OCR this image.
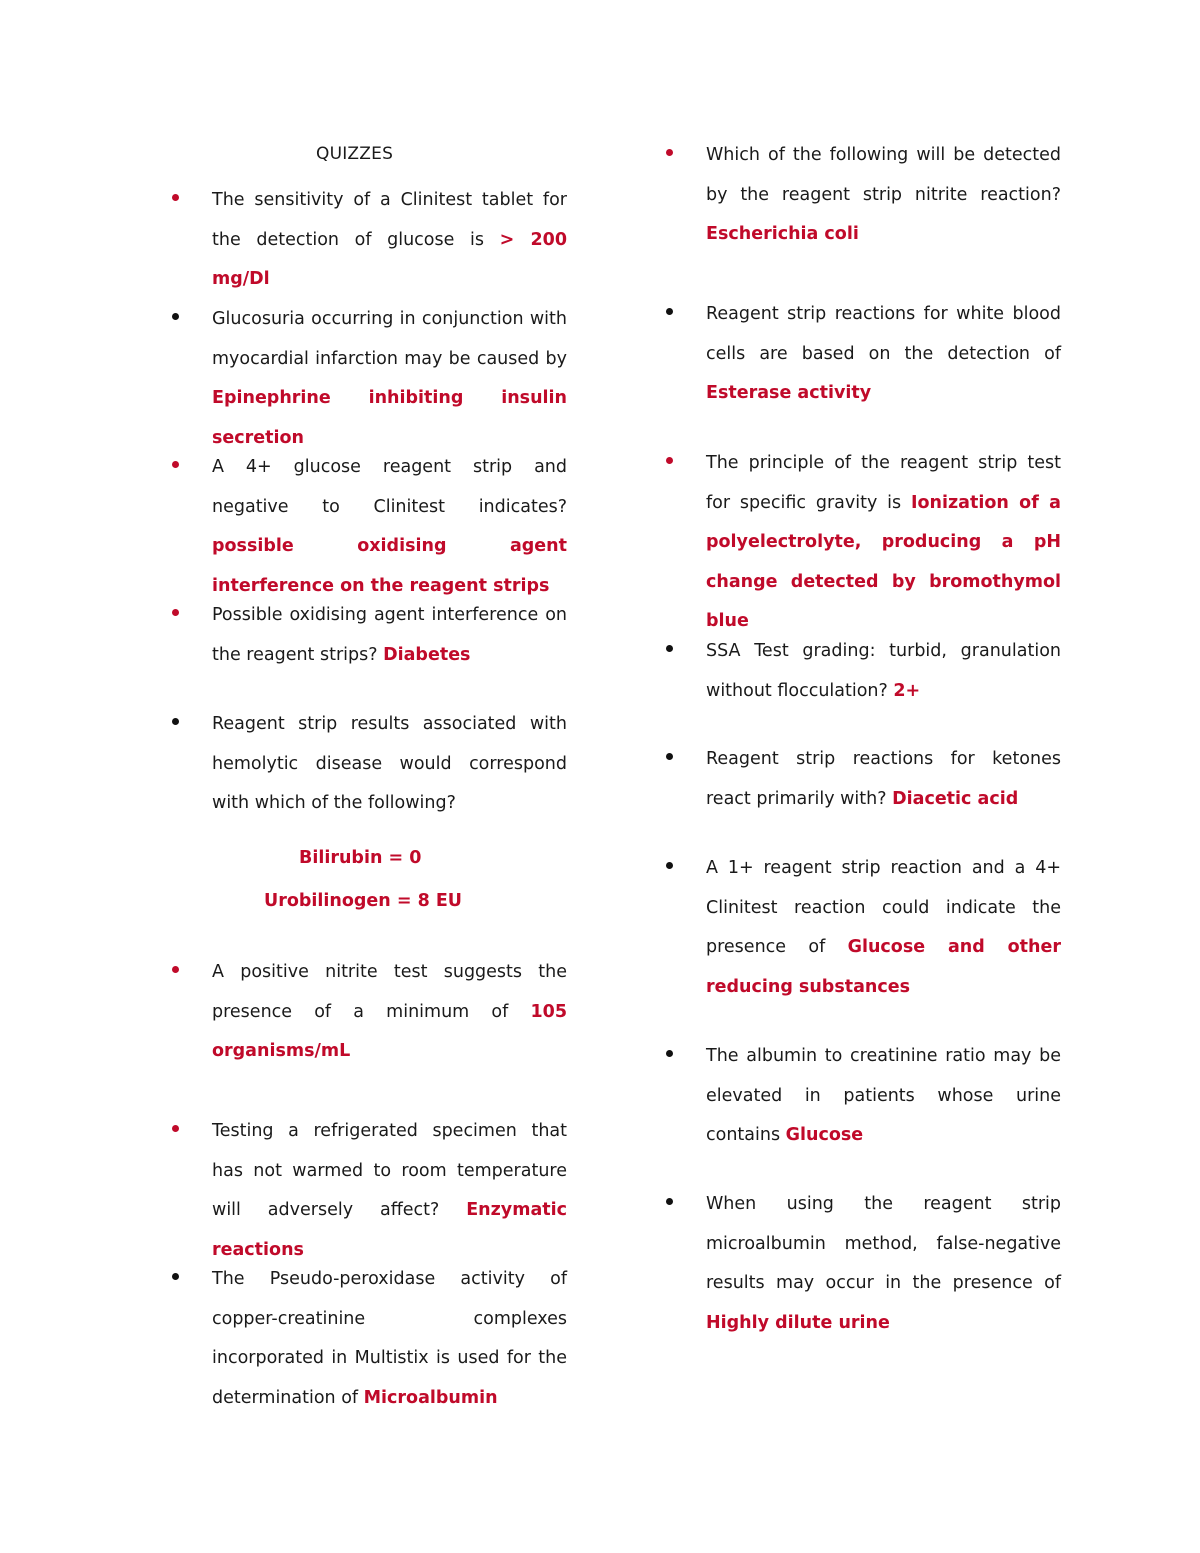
QUIZZES
The sensitivity of a Clinitest tablet for the detection of glucose is > 200 mg/Dl
Glucosuria occurring in conjunction with myocardial infarction may be caused by Epinephrine inhibiting insulin secretion
A 4+ glucose reagent strip and negative to Clinitest indicates? possible oxidising agent interference on the reagent strips
Possible oxidising agent interference on the reagent strips? Diabetes
Reagent strip results associated with hemolytic disease would correspond with which of the following?
Bilirubin = 0
Urobilinogen = 8 EU
A positive nitrite test suggests the presence of a minimum of 105 organisms/mL
Testing a refrigerated specimen that has not warmed to room temperature will adversely affect? Enzymatic reactions
The Pseudo-peroxidase activity of copper-creatinine complexes incorporated in Multistix is used for the determination of Microalbumin
Which of the following will be detected by the reagent strip nitrite reaction? Escherichia coli
Reagent strip reactions for white blood cells are based on the detection of Esterase activity
The principle of the reagent strip test for specific gravity is Ionization of a polyelectrolyte, producing a pH change detected by bromothymol blue
SSA Test grading: turbid, granulation without flocculation? 2+
Reagent strip reactions for ketones react primarily with? Diacetic acid
A 1+ reagent strip reaction and a 4+ Clinitest reaction could indicate the presence of Glucose and other reducing substances
The albumin to creatinine ratio may be elevated in patients whose urine contains Glucose
When using the reagent strip microalbumin method, false-negative results may occur in the presence of Highly dilute urine
